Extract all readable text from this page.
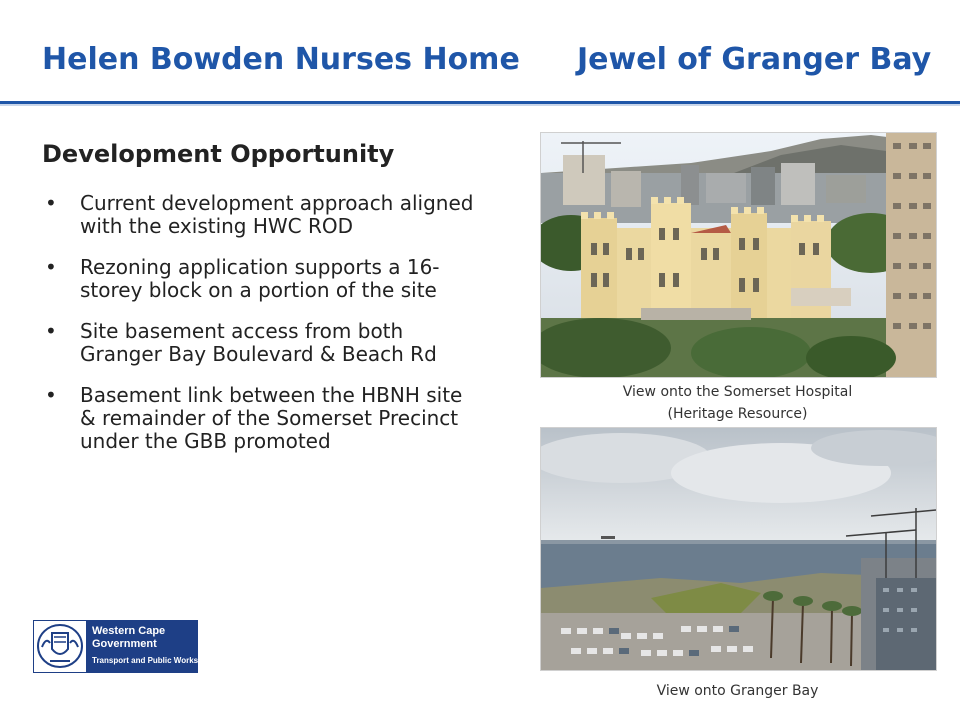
Helen Bowden Nurses Home Jewel of Granger Bay
Development Opportunity
• Current development approach aligned with the existing HWC ROD
• Rezoning application supports a 16-storey block on a portion of the site
• Site basement access from both Granger Bay Boulevard & Beach Rd
• Basement link between the HBNH site & remainder of the Somerset Precinct under the GBB promoted
View onto the Somerset Hospital
(Heritage Resource)
View onto Granger Bay
Western Cape
Government
Transport and Public Works
